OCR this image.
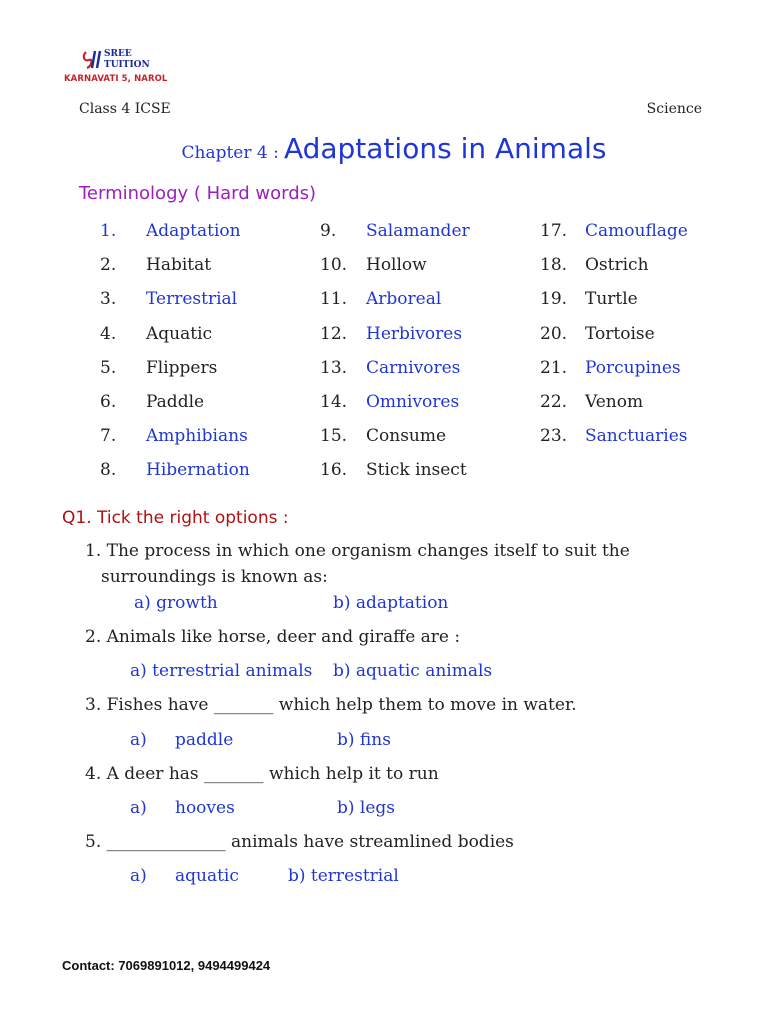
SREE
TUITION
KARNAVATI 5, NAROL
Class 4 ICSE	Science
Chapter 4 : Adaptations in Animals
Terminology ( Hard words)
1. Adaptation
2. Habitat
3. Terrestrial
4. Aquatic
5. Flippers
6. Paddle
7. Amphibians
8. Hibernation
9. Salamander
10. Hollow
11. Arboreal
12. Herbivores
13. Carnivores
14. Omnivores
15. Consume
16. Stick insect
17. Camouflage
18. Ostrich
19. Turtle
20. Tortoise
21. Porcupines
22. Venom
23. Sanctuaries
Q1. Tick the right options :
1. The process in which one organism changes itself to suit the
surroundings is known as:
a) growth	b) adaptation
2. Animals like horse, deer and giraffe are :
a) terrestrial animals b) aquatic animals
3. Fishes have _______ which help them to move in water.
a) paddle	b) fins
4. A deer has _______ which help it to run
a) hooves	b) legs
5. ______________ animals have streamlined bodies
a) aquatic	b) terrestrial
Contact: 7069891012, 9494499424
